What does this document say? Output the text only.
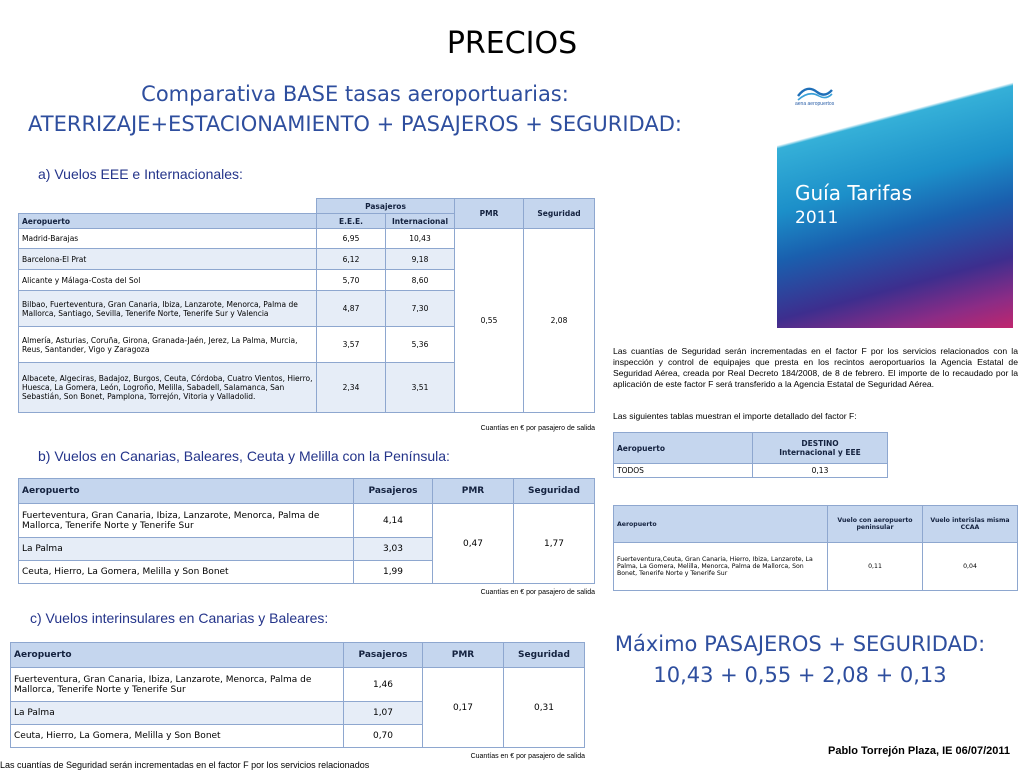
PRECIOS
Comparativa BASE tasas aeroportuarias:
ATERRIZAJE+ESTACIONAMIENTO + PASAJEROS + SEGURIDAD:
a) Vuelos EEE e Internacionales:
	Pasajeros		PMR	Seguridad
Aeropuerto	E.E.E.	Internacional		
Madrid-Barajas	6,95	10,43	0,55	2,08
Barcelona-El Prat	6,12	9,18		
Alicante y Málaga-Costa del Sol	5,70	8,60		
Bilbao, Fuerteventura, Gran Canaria, Ibiza, Lanzarote, Menorca, Palma de Mallorca, Santiago, Sevilla, Tenerife Norte, Tenerife Sur y Valencia	4,87	7,30		
Almería, Asturias, Coruña, Girona, Granada-Jaén, Jerez, La Palma, Murcia, Reus, Santander, Vigo y Zaragoza	3,57	5,36		
Albacete, Algeciras, Badajoz, Burgos, Ceuta, Córdoba, Cuatro Vientos, Hierro, Huesca, La Gomera, León, Logroño, Melilla, Sabadell, Salamanca, San Sebastián, Son Bonet, Pamplona, Torrejón, Vitoria y Valladolid.	2,34	3,51		
Cuantías en € por pasajero de salida
b) Vuelos en Canarias, Baleares, Ceuta y Melilla con la Península:
Aeropuerto	Pasajeros	PMR	Seguridad
Fuerteventura, Gran Canaria, Ibiza, Lanzarote, Menorca, Palma de Mallorca, Tenerife Norte y Tenerife Sur	4,14	0,47	1,77
La Palma	3,03		
Ceuta, Hierro, La Gomera, Melilla y Son Bonet	1,99		
Cuantías en € por pasajero de salida
c) Vuelos interinsulares en Canarias y Baleares:
Aeropuerto	Pasajeros	PMR	Seguridad
Fuerteventura, Gran Canaria, Ibiza, Lanzarote, Menorca, Palma de Mallorca, Tenerife Norte y Tenerife Sur	1,46	0,17	0,31
La Palma	1,07		
Ceuta, Hierro, La Gomera, Melilla y Son Bonet	0,70		
Cuantías en € por pasajero de salida
aena aeropuertos
Guía Tarifas
2011
Las cuantías de Seguridad serán incrementadas en el factor F por los servicios relacionados con la inspección y control de equipajes que presta en los recintos aeroportuarios la Agencia Estatal de Seguridad Aérea, creada por Real Decreto 184/2008, de 8 de febrero. El importe de lo recaudado por la aplicación de este factor F será transferido a la Agencia Estatal de Seguridad Aérea.
Las siguientes tablas muestran el importe detallado del factor F:
Aeropuerto	DESTINO
Internacional y EEE

TODOS	0,13
Aeropuerto	Vuelo con aeropuerto peninsular	Vuelo interislas misma CCAA
Fuerteventura,Ceuta, Gran Canaria, Hierro, Ibiza, Lanzarote, La Palma, La Gomera, Melilla, Menorca, Palma de Mallorca, Son Bonet, Tenerife Norte y Tenerife Sur	0,11	0,04
Máximo PASAJEROS + SEGURIDAD:
10,43 + 0,55 + 2,08 + 0,13
Pablo Torrejón Plaza, IE 06/07/2011
Las cuantías de Seguridad serán incrementadas en el factor F por los servicios relacionados
